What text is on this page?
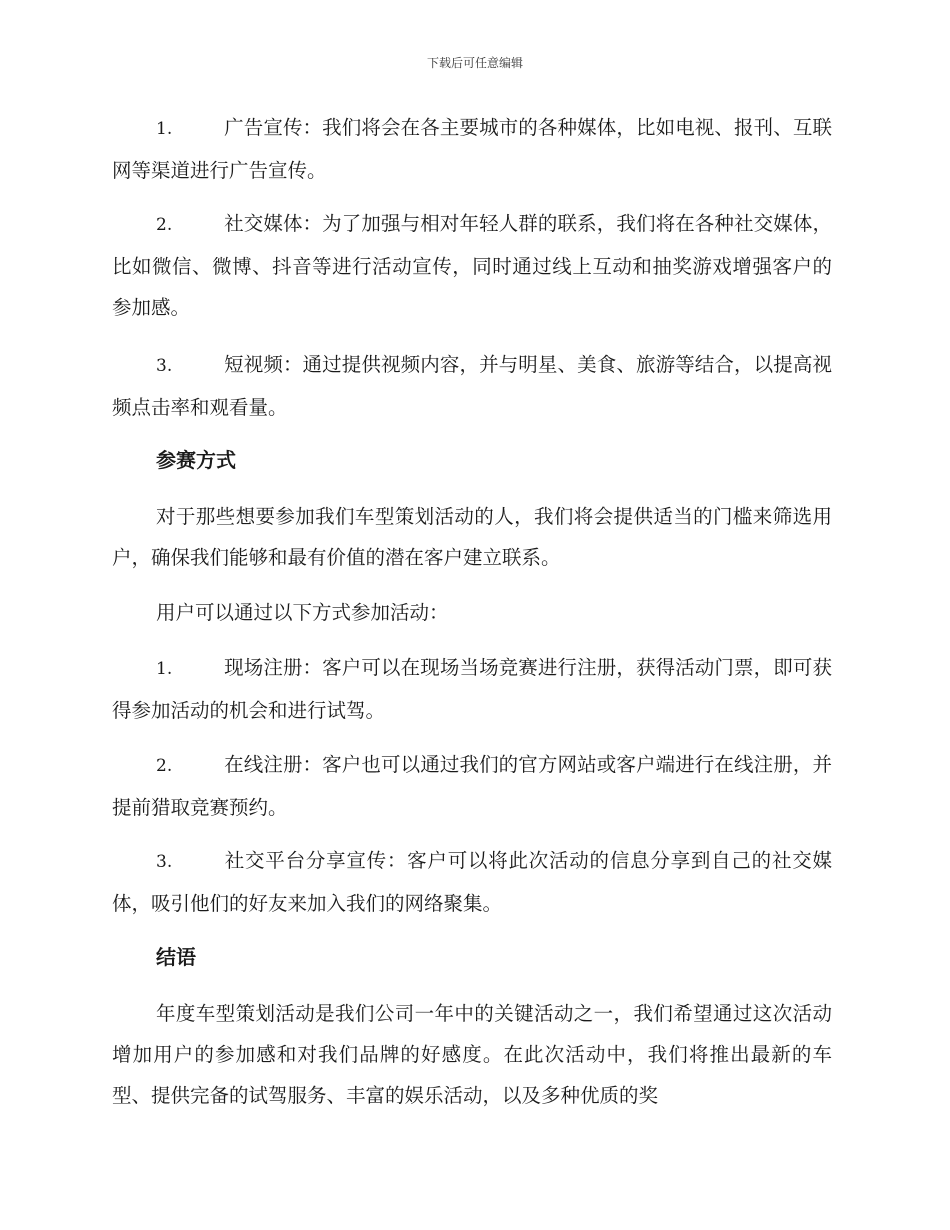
下载后可任意编辑
1.	广告宣传：我们将会在各主要城市的各种媒体，比如电视、报刊、互联网等渠道进行广告宣传。
2.	社交媒体：为了加强与相对年轻人群的联系，我们将在各种社交媒体，比如微信、微博、抖音等进行活动宣传，同时通过线上互动和抽奖游戏增强客户的参加感。
3.	短视频：通过提供视频内容，并与明星、美食、旅游等结合，以提高视频点击率和观看量。
参赛方式
对于那些想要参加我们车型策划活动的人，我们将会提供适当的门槛来筛选用户，确保我们能够和最有价值的潜在客户建立联系。
用户可以通过以下方式参加活动：
1.	现场注册：客户可以在现场当场竞赛进行注册，获得活动门票，即可获得参加活动的机会和进行试驾。
2.	在线注册：客户也可以通过我们的官方网站或客户端进行在线注册，并提前猎取竞赛预约。
3.	社交平台分享宣传：客户可以将此次活动的信息分享到自己的社交媒体，吸引他们的好友来加入我们的网络聚集。
结语
年度车型策划活动是我们公司一年中的关键活动之一，我们希望通过这次活动增加用户的参加感和对我们品牌的好感度。在此次活动中，我们将推出最新的车型、提供完备的试驾服务、丰富的娱乐活动，以及多种优质的奖
